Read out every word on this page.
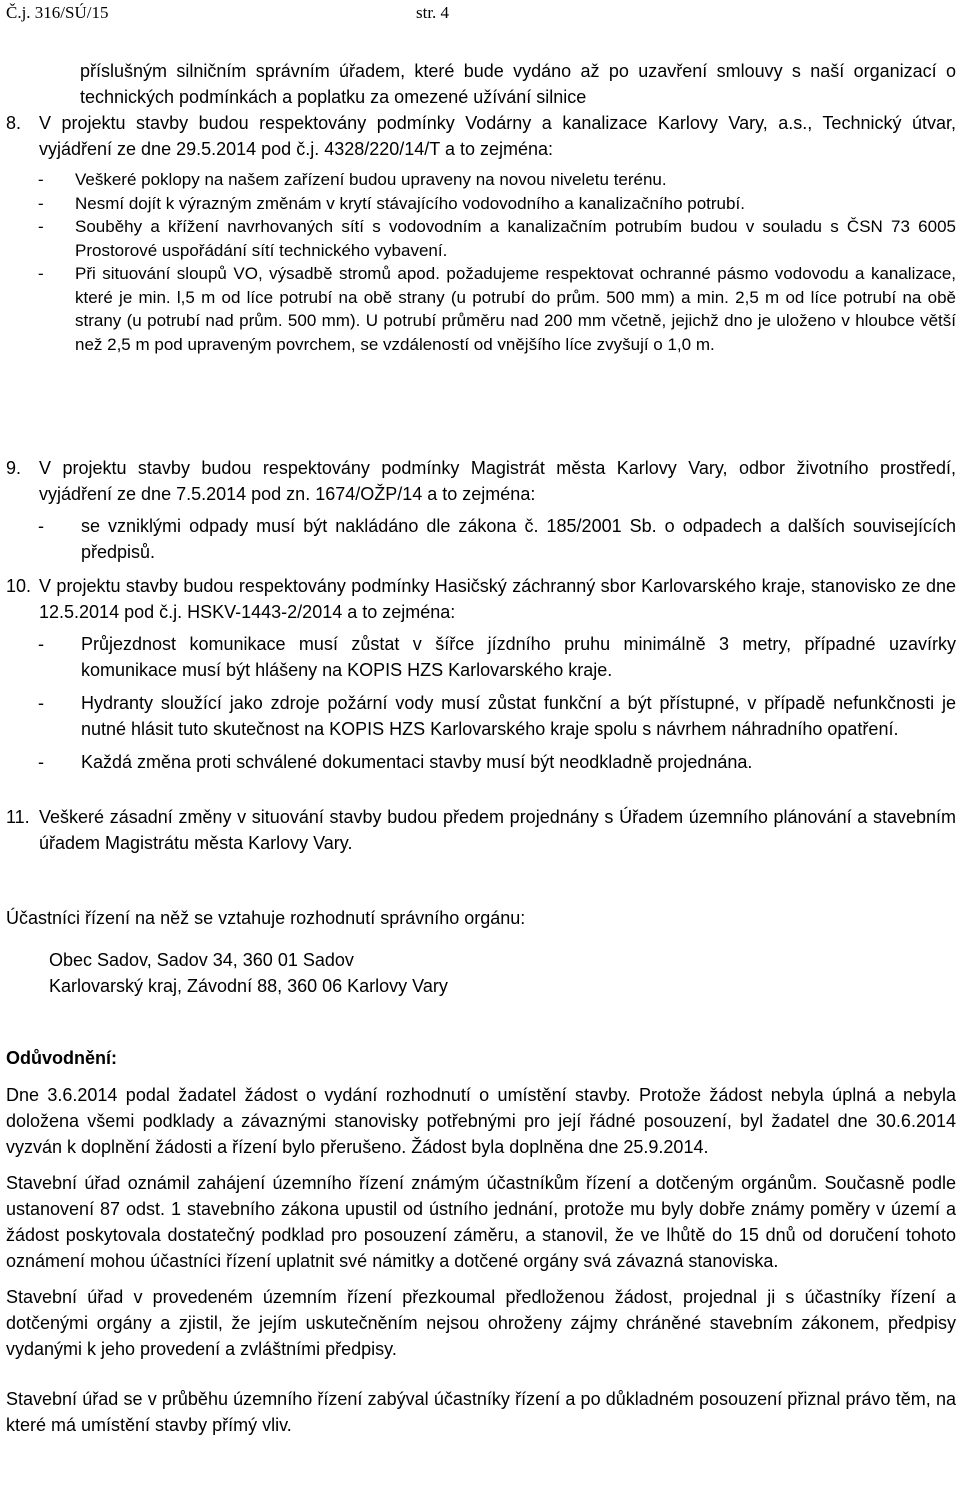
Č.j. 316/SÚ/15	str. 4

příslušným silničním správním úřadem, které bude vydáno až po uzavření smlouvy s naší organizací o technických podmínkách a poplatku za omezené užívání silnice

8. V projektu stavby budou respektovány podmínky Vodárny a kanalizace Karlovy Vary, a.s., Technický útvar, vyjádření ze dne 29.5.2014 pod č.j. 4328/220/14/T a to zejména:

- Veškeré poklopy na našem zařízení budou upraveny na novou niveletu terénu.

- Nesmí dojít k výrazným změnám v krytí stávajícího vodovodního a kanalizačního potrubí.

- Souběhy a křížení navrhovaných sítí s vodovodním a kanalizačním potrubím budou v souladu s ČSN 73 6005 Prostorové uspořádání sítí technického vybavení.

- Při situování sloupů VO, výsadbě stromů apod. požadujeme respektovat ochranné pásmo vodovodu a kanalizace, které je min. l,5 m od líce potrubí na obě strany (u potrubí do prům. 500 mm) a min. 2,5 m od líce potrubí na obě strany (u potrubí nad prům. 500 mm). U potrubí průměru nad 200 mm včetně, jejichž dno je uloženo v hloubce větší než 2,5 m pod upraveným povrchem, se vzdáleností od vnějšího líce zvyšují o 1,0 m.

9. V projektu stavby budou respektovány podmínky Magistrát města Karlovy Vary, odbor životního prostředí, vyjádření ze dne 7.5.2014 pod zn. 1674/OŽP/14 a to zejména:

- se vzniklými odpady musí být nakládáno dle zákona č. 185/2001 Sb. o odpadech a dalších souvisejících předpisů.

10. V projektu stavby budou respektovány podmínky Hasičský záchranný sbor Karlovarského kraje, stanovisko ze dne 12.5.2014 pod č.j. HSKV-1443-2/2014 a to zejména:

- Průjezdnost komunikace musí zůstat v šířce jízdního pruhu minimálně 3 metry, případné uzavírky komunikace musí být hlášeny na KOPIS HZS Karlovarského kraje.

- Hydranty sloužící jako zdroje požární vody musí zůstat funkční a být přístupné, v případě nefunkčnosti je nutné hlásit tuto skutečnost na KOPIS HZS Karlovarského kraje spolu s návrhem náhradního opatření.

- Každá změna proti schválené dokumentaci stavby musí být neodkladně projednána.

11. Veškeré zásadní změny v situování stavby budou předem projednány s Úřadem územního plánování a stavebním úřadem Magistrátu města Karlovy Vary.

Účastníci řízení na něž se vztahuje rozhodnutí správního orgánu:

Obec Sadov, Sadov 34, 360 01 Sadov

Karlovarský kraj, Závodní 88, 360 06 Karlovy Vary

Odůvodnění:

Dne 3.6.2014 podal žadatel žádost o vydání rozhodnutí o umístění stavby. Protože žádost nebyla úplná a nebyla doložena všemi podklady a závaznými stanovisky potřebnými pro její řádné posouzení, byl žadatel dne 30.6.2014 vyzván k doplnění žádosti a řízení bylo přerušeno. Žádost byla doplněna dne 25.9.2014.

Stavební úřad oznámil zahájení územního řízení známým účastníkům řízení a dotčeným orgánům. Současně podle ustanovení 87 odst. 1 stavebního zákona upustil od ústního jednání, protože mu byly dobře známy poměry v území a žádost poskytovala dostatečný podklad pro posouzení záměru, a stanovil, že ve lhůtě do 15 dnů od doručení tohoto oznámení mohou účastníci řízení uplatnit své námitky a dotčené orgány svá závazná stanoviska.

Stavební úřad v provedeném územním řízení přezkoumal předloženou žádost, projednal ji s účastníky řízení a dotčenými orgány a zjistil, že jejím uskutečněním nejsou ohroženy zájmy chráněné stavebním zákonem, předpisy vydanými k jeho provedení a zvláštními předpisy.

Stavební úřad se v průběhu územního řízení zabýval účastníky řízení a po důkladném posouzení přiznal právo těm, na které má umístění stavby přímý vliv.
